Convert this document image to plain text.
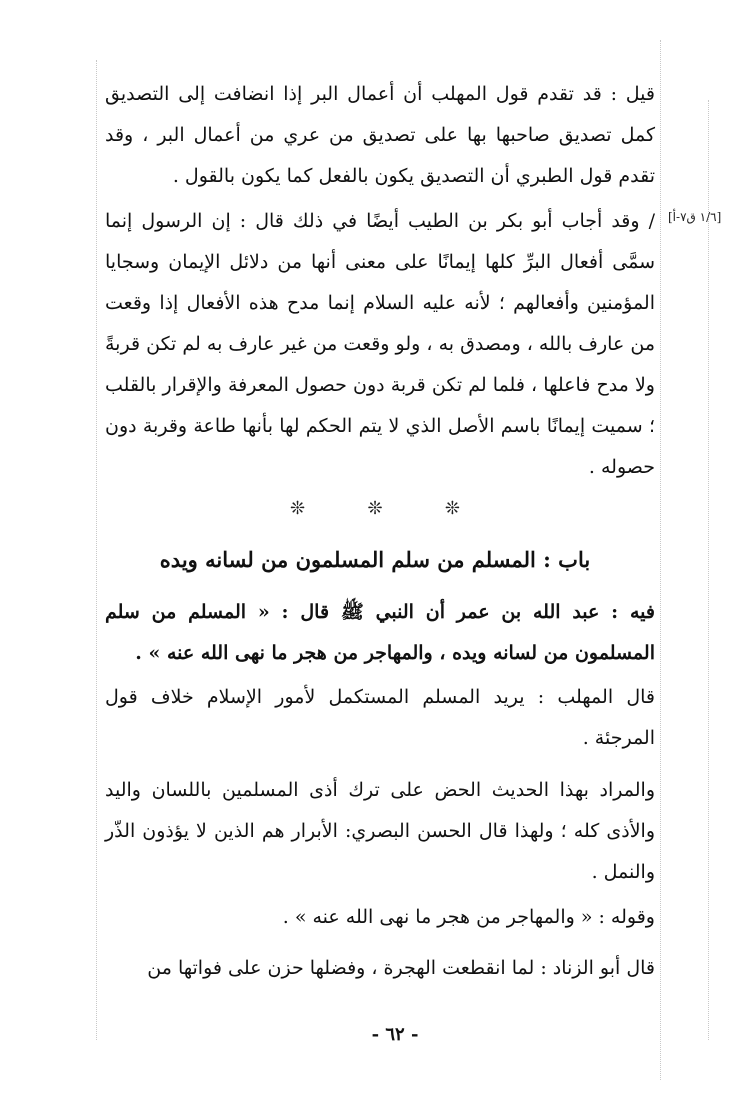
[١/٦ ق٧-أ]

قيل : قد تقدم قول المهلب أن أعمال البر إذا انضافت إلى التصديق كمل تصديق صاحبها بها على تصديق من عري من أعمال البر ، وقد تقدم قول الطبري أن التصديق يكون بالفعل كما يكون بالقول .

/ وقد أجاب أبو بكر بن الطيب أيضًا في ذلك قال : إن الرسول إنما سمَّى أفعال البرِّ كلها إيمانًا على معنى أنها من دلائل الإيمان وسجايا المؤمنين وأفعالهم ؛ لأنه عليه السلام إنما مدح هذه الأفعال إذا وقعت من عارف بالله ، ومصدق به ، ولو وقعت من غير عارف به لم تكن قربةً ولا مدح فاعلها ، فلما لم تكن قربة دون حصول المعرفة والإقرار بالقلب ؛ سميت إيمانًا باسم الأصل الذي لا يتم الحكم لها بأنها طاعة وقربة دون حصوله .

❊	❊	❊
باب : المسلم من سلم المسلمون من لسانه ويده

فيه : عبد الله بن عمر أن النبي ﷺ قال : « المسلم من سلم المسلمون من لسانه ويده ، والمهاجر من هجر ما نهى الله عنه » .

قال المهلب : يريد المسلم المستكمل لأمور الإسلام خلاف قول المرجئة .

والمراد بهذا الحديث الحض على ترك أذى المسلمين باللسان واليد والأذى كله ؛ ولهذا قال الحسن البصري: الأبرار هم الذين لا يؤذون الذّر والنمل .

وقوله : « والمهاجر من هجر ما نهى الله عنه » .

قال أبو الزناد : لما انقطعت الهجرة ، وفضلها حزن على فواتها من

- ٦٢ -
